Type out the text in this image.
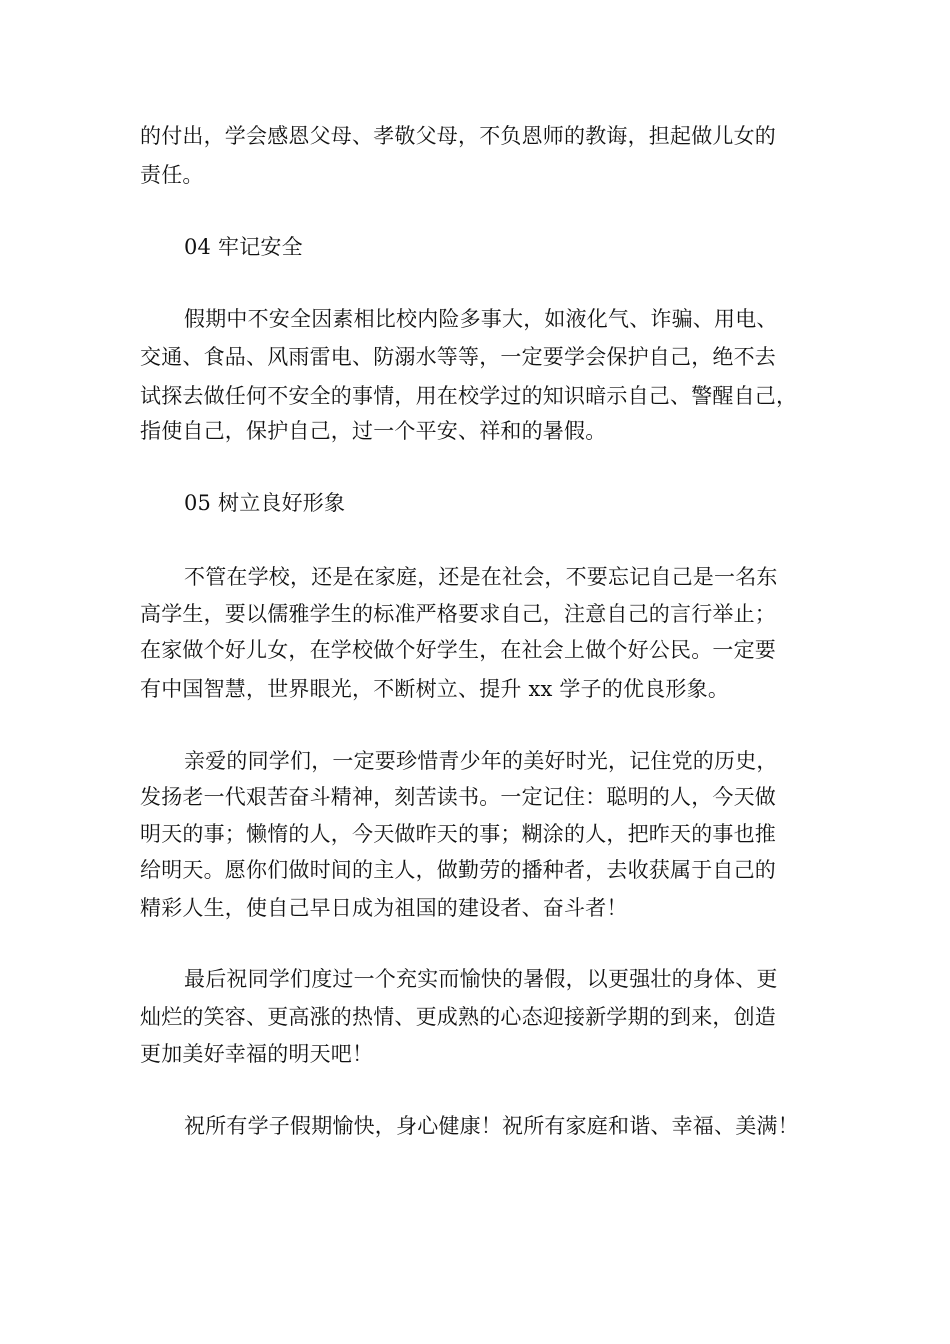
的付出，学会感恩父母、孝敬父母，不负恩师的教诲，担起做儿女的
责任。
04 牢记安全
假期中不安全因素相比校内险多事大，如液化气、诈骗、用电、
交通、食品、风雨雷电、防溺水等等，一定要学会保护自己，绝不去
试探去做任何不安全的事情，用在校学过的知识暗示自己、警醒自己，
指使自己，保护自己，过一个平安、祥和的暑假。
05 树立良好形象
不管在学校，还是在家庭，还是在社会，不要忘记自己是一名东
高学生，要以儒雅学生的标准严格要求自己，注意自己的言行举止；
在家做个好儿女，在学校做个好学生，在社会上做个好公民。一定要
有中国智慧，世界眼光，不断树立、提升 xx 学子的优良形象。
亲爱的同学们，一定要珍惜青少年的美好时光，记住党的历史，
发扬老一代艰苦奋斗精神，刻苦读书。一定记住：聪明的人，今天做
明天的事；懒惰的人，今天做昨天的事；糊涂的人，把昨天的事也推
给明天。愿你们做时间的主人，做勤劳的播种者，去收获属于自己的
精彩人生，使自己早日成为祖国的建设者、奋斗者！
最后祝同学们度过一个充实而愉快的暑假，以更强壮的身体、更
灿烂的笑容、更高涨的热情、更成熟的心态迎接新学期的到来，创造
更加美好幸福的明天吧！
祝所有学子假期愉快，身心健康！祝所有家庭和谐、幸福、美满！
